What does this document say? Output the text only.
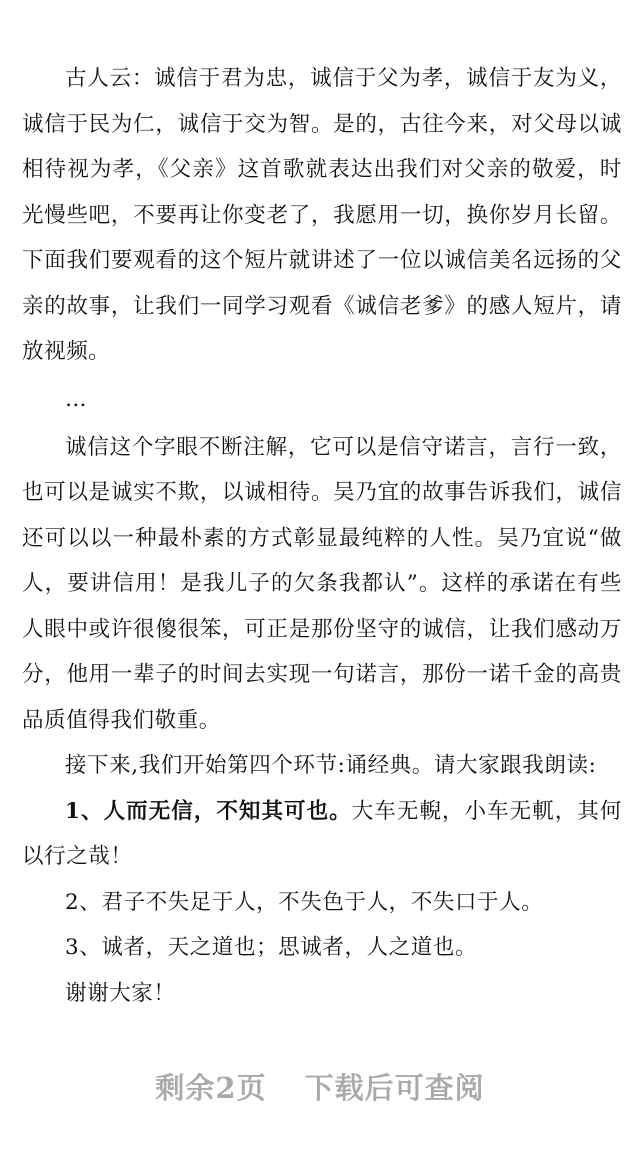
古人云：诚信于君为忠，诚信于父为孝，诚信于友为义，诚信于民为仁，诚信于交为智。是的，古往今来，对父母以诚相待视为孝，《父亲》这首歌就表达出我们对父亲的敬爱，时光慢些吧，不要再让你变老了，我愿用一切，换你岁月长留。下面我们要观看的这个短片就讲述了一位以诚信美名远扬的父亲的故事，让我们一同学习观看《诚信老爹》的感人短片，请放视频。

…

诚信这个字眼不断注解，它可以是信守诺言，言行一致，也可以是诚实不欺，以诚相待。吴乃宜的故事告诉我们，诚信还可以以一种最朴素的方式彰显最纯粹的人性。吴乃宜说“做人，要讲信用！是我儿子的欠条我都认”。这样的承诺在有些人眼中或许很傻很笨，可正是那份坚守的诚信，让我们感动万分，他用一辈子的时间去实现一句诺言，那份一诺千金的高贵品质值得我们敬重。

接下来,我们开始第四个环节:诵经典。请大家跟我朗读:

1、人而无信，不知其可也。大车无輗，小车无軏，其何以行之哉！

2、君子不失足于人，不失色于人，不失口于人。

3、诚者，天之道也；思诚者，人之道也。

谢谢大家！

剩余2页 下载后可查阅
